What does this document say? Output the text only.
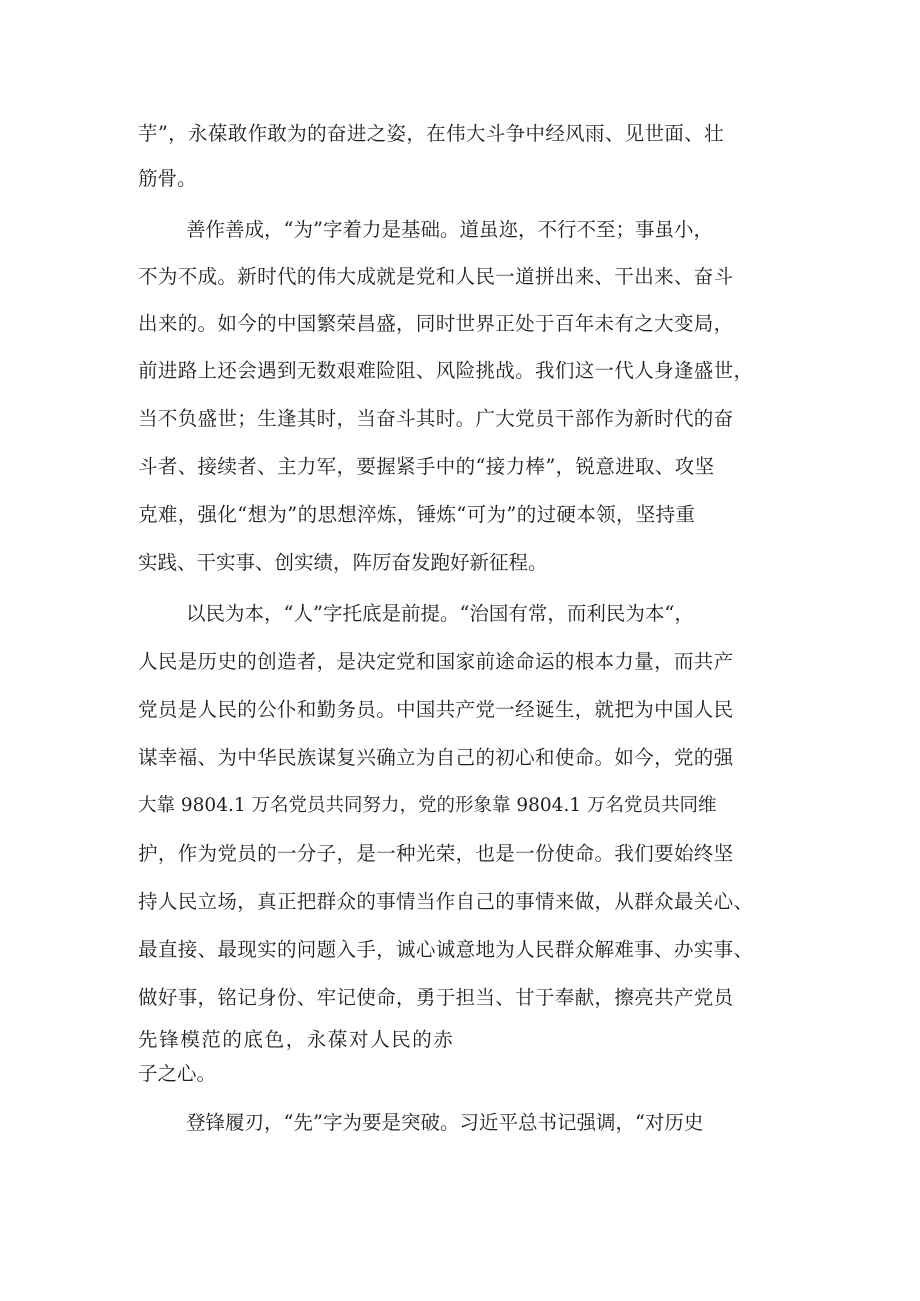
芋”，永葆敢作敢为的奋进之姿，在伟大斗争中经风雨、见世面、壮

筋骨。

善作善成，“为”字着力是基础。道虽迩，不行不至；事虽小，

不为不成。新时代的伟大成就是党和人民一道拼出来、干出来、奋斗

出来的。如今的中国繁荣昌盛，同时世界正处于百年未有之大变局，

前进路上还会遇到无数艰难险阻、风险挑战。我们这一代人身逢盛世，

当不负盛世；生逢其时，当奋斗其时。广大党员干部作为新时代的奋

斗者、接续者、主力军，要握紧手中的“接力棒”，锐意进取、攻坚

克难，强化“想为”的思想淬炼，锤炼“可为”的过硬本领，坚持重

实践、干实事、创实绩，阵厉奋发跑好新征程。

以民为本，“人”字托底是前提。“治国有常，而利民为本“，

人民是历史的创造者，是决定党和国家前途命运的根本力量，而共产

党员是人民的公仆和勤务员。中国共产党一经诞生，就把为中国人民

谋幸福、为中华民族谋复兴确立为自己的初心和使命。如今，党的强

大靠 9804.1 万名党员共同努力，党的形象靠 9804.1 万名党员共同维

护，作为党员的一分子，是一种光荣，也是一份使命。我们要始终坚

持人民立场，真正把群众的事情当作自己的事情来做，从群众最关心、

最直接、最现实的问题入手，诚心诚意地为人民群众解难事、办实事、

做好事，铭记身份、牢记使命，勇于担当、甘于奉献，擦亮共产党员

先锋模范的底色，永葆对人民的赤

子之心。

登锋履刃，“先”字为要是突破。习近平总书记强调，“对历史
